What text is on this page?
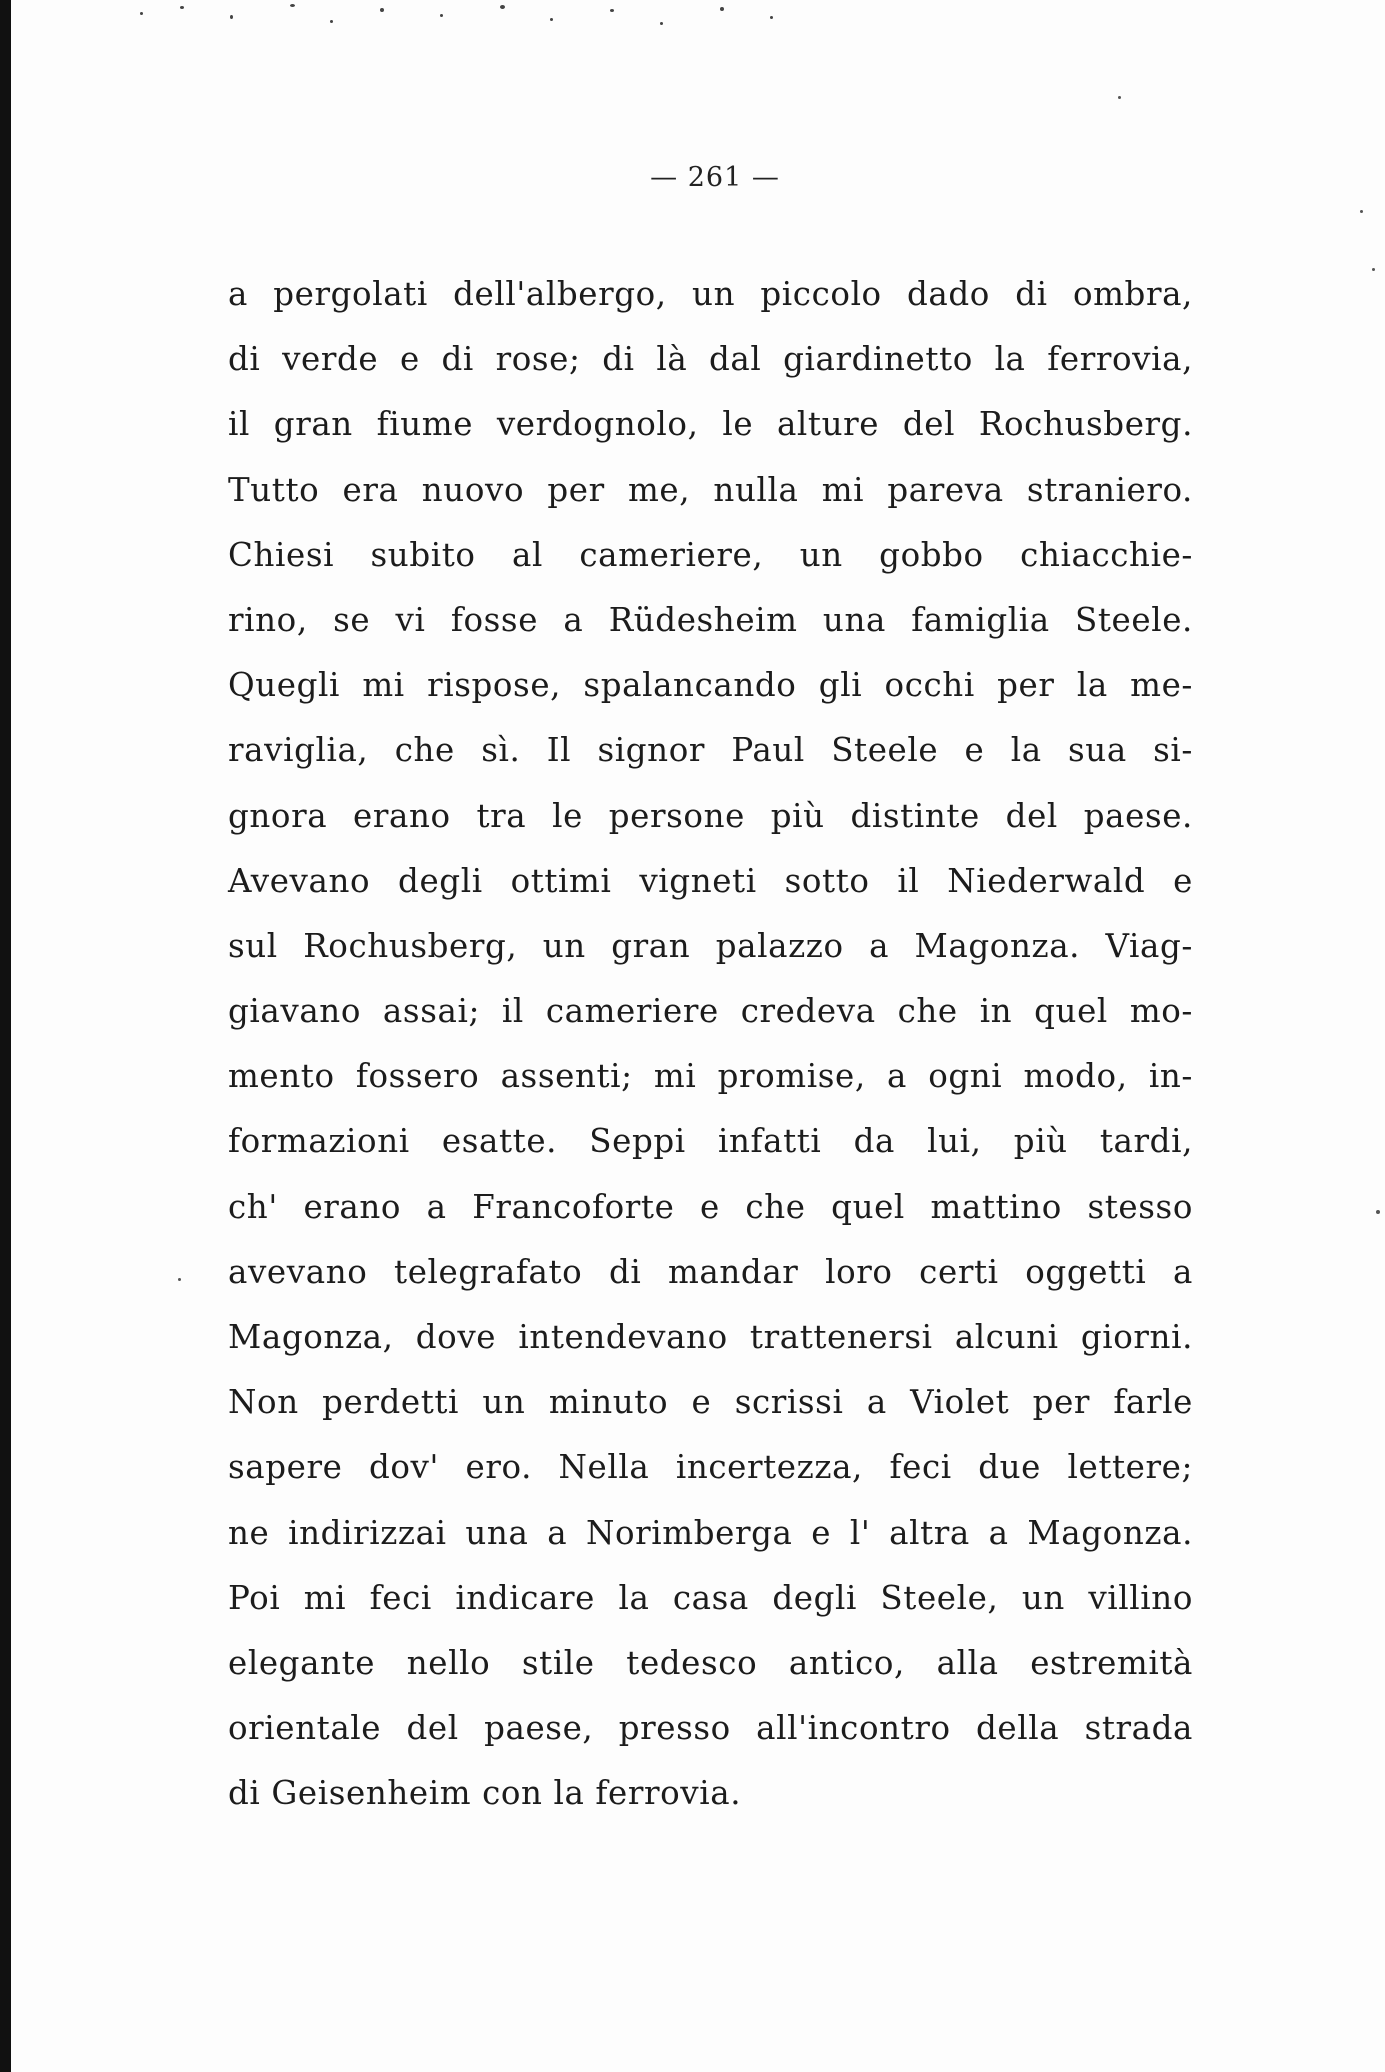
— 261 —
a pergolati dell'albergo, un piccolo dado di ombra,
di verde e di rose; di là dal giardinetto la ferrovia,
il gran fiume verdognolo, le alture del Rochusberg.
Tutto era nuovo per me, nulla mi pareva straniero.
Chiesi subito al cameriere, un gobbo chiacchie-
rino, se vi fosse a Rüdesheim una famiglia Steele.
Quegli mi rispose, spalancando gli occhi per la me-
raviglia, che sì. Il signor Paul Steele e la sua si-
gnora erano tra le persone più distinte del paese.
Avevano degli ottimi vigneti sotto il Niederwald e
sul Rochusberg, un gran palazzo a Magonza. Viag-
giavano assai; il cameriere credeva che in quel mo-
mento fossero assenti; mi promise, a ogni modo, in-
formazioni esatte. Seppi infatti da lui, più tardi,
ch' erano a Francoforte e che quel mattino stesso
avevano telegrafato di mandar loro certi oggetti a
Magonza, dove intendevano trattenersi alcuni giorni.
Non perdetti un minuto e scrissi a Violet per farle
sapere dov' ero. Nella incertezza, feci due lettere;
ne indirizzai una a Norimberga e l' altra a Magonza.
Poi mi feci indicare la casa degli Steele, un villino
elegante nello stile tedesco antico, alla estremità
orientale del paese, presso all'incontro della strada
di Geisenheim con la ferrovia.
